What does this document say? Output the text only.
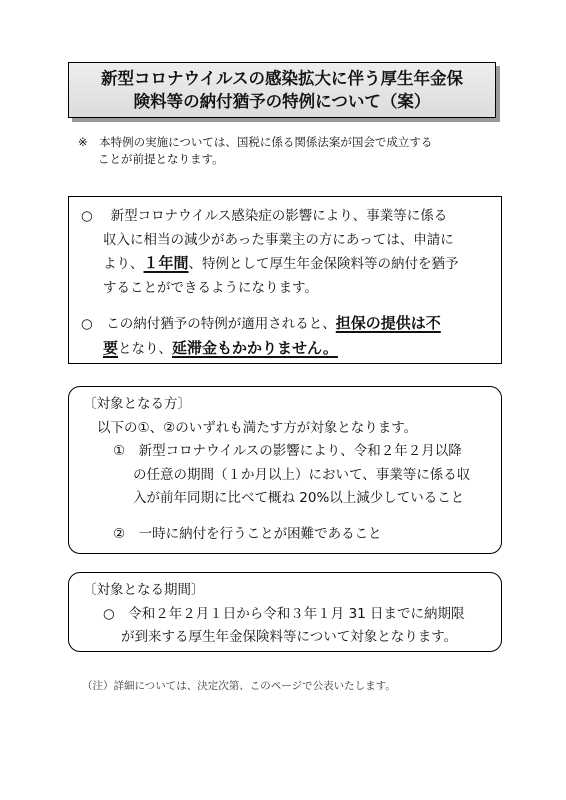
新型コロナウイルスの感染拡大に伴う厚生年金保
険料等の納付猶予の特例について（案）
※　本特例の実施については、国税に係る関係法案が国会で成立する
ことが前提となります。

○　 新型コロナウイルス感染症の影響により、事業等に係る
収入に相当の減少があった事業主の方にあっては、申請に
より、１年間、特例として厚生年金保険料等の納付を猶予
することができるようになります。

○　この納付猶予の特例が適用されると、担保の提供は不
要となり、延滞金もかかりません。

〔対象となる方〕

以下の①、②のいずれも満たす方が対象となります。

①　新型コロナウイルスの影響により、令和２年２月以降

の任意の期間（１か月以上）において、事業等に係る収

入が前年同期に比べて概ね 20%以上減少していること

②　一時に納付を行うことが困難であること

〔対象となる期間〕

○　令和２年２月１日から令和３年１月 31 日までに納期限

が到来する厚生年金保険料等について対象となります。

（注）詳細については、決定次第、このページで公表いたします。
